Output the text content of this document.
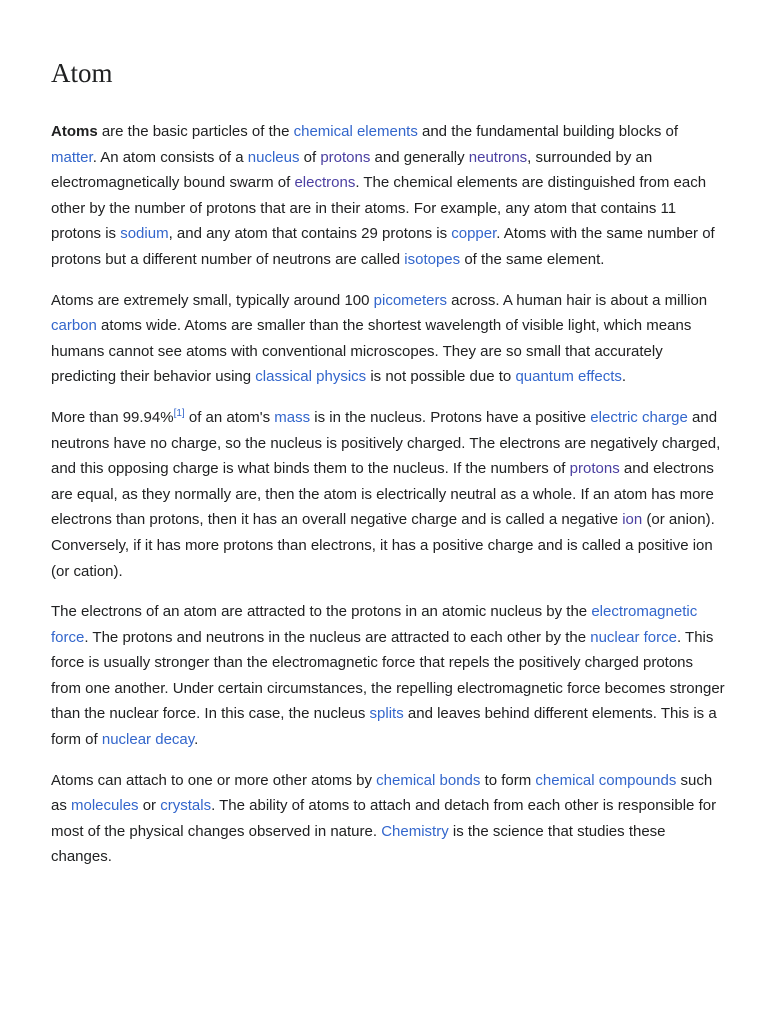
Atom

Atoms are the basic particles of the chemical elements and the fundamental building blocks of matter. An atom consists of a nucleus of protons and generally neutrons, surrounded by an electromagnetically bound swarm of electrons. The chemical elements are distinguished from each other by the number of protons that are in their atoms. For example, any atom that contains 11 protons is sodium, and any atom that contains 29 protons is copper. Atoms with the same number of protons but a different number of neutrons are called isotopes of the same element.

Atoms are extremely small, typically around 100 picometers across. A human hair is about a million carbon atoms wide. Atoms are smaller than the shortest wavelength of visible light, which means humans cannot see atoms with conventional microscopes. They are so small that accurately predicting their behavior using classical physics is not possible due to quantum effects.

More than 99.94%[1] of an atom's mass is in the nucleus. Protons have a positive electric charge and neutrons have no charge, so the nucleus is positively charged. The electrons are negatively charged, and this opposing charge is what binds them to the nucleus. If the numbers of protons and electrons are equal, as they normally are, then the atom is electrically neutral as a whole. If an atom has more electrons than protons, then it has an overall negative charge and is called a negative ion (or anion). Conversely, if it has more protons than electrons, it has a positive charge and is called a positive ion (or cation).

The electrons of an atom are attracted to the protons in an atomic nucleus by the electromagnetic force. The protons and neutrons in the nucleus are attracted to each other by the nuclear force. This force is usually stronger than the electromagnetic force that repels the positively charged protons from one another. Under certain circumstances, the repelling electromagnetic force becomes stronger than the nuclear force. In this case, the nucleus splits and leaves behind different elements. This is a form of nuclear decay.

Atoms can attach to one or more other atoms by chemical bonds to form chemical compounds such as molecules or crystals. The ability of atoms to attach and detach from each other is responsible for most of the physical changes observed in nature. Chemistry is the science that studies these changes.
